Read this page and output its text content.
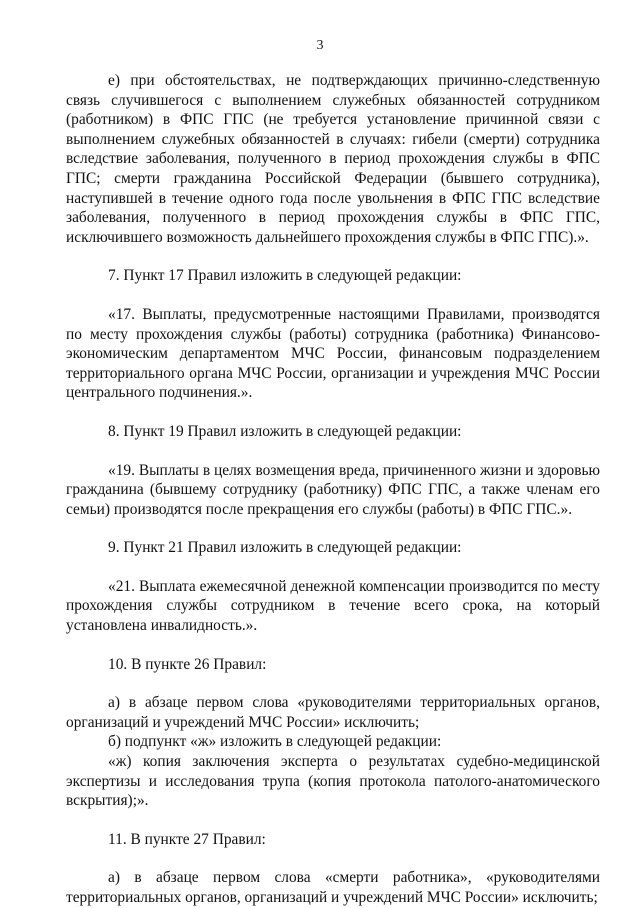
3

е) при обстоятельствах, не подтверждающих причинно-следственную связь случившегося с выполнением служебных обязанностей сотрудником (работником) в ФПС ГПС (не требуется установление причинной связи с выполнением служебных обязанностей в случаях: гибели (смерти) сотрудника вследствие заболевания, полученного в период прохождения службы в ФПС ГПС; смерти гражданина Российской Федерации (бывшего сотрудника), наступившей в течение одного года после увольнения в ФПС ГПС вследствие заболевания, полученного в период прохождения службы в ФПС ГПС, исключившего возможность дальнейшего прохождения службы в ФПС ГПС).».

7. Пункт 17 Правил изложить в следующей редакции:

«17. Выплаты, предусмотренные настоящими Правилами, производятся по месту прохождения службы (работы) сотрудника (работника) Финансово-экономическим департаментом МЧС России, финансовым подразделением территориального органа МЧС России, организации и учреждения МЧС России центрального подчинения.».

8. Пункт 19 Правил изложить в следующей редакции:

«19. Выплаты в целях возмещения вреда, причиненного жизни и здоровью гражданина (бывшему сотруднику (работнику) ФПС ГПС, а также членам его семьи) производятся после прекращения его службы (работы) в ФПС ГПС.».

9. Пункт 21 Правил изложить в следующей редакции:

«21. Выплата ежемесячной денежной компенсации производится по месту прохождения службы сотрудником в течение всего срока, на который установлена инвалидность.».

10. В пункте 26 Правил:

а) в абзаце первом слова «руководителями территориальных органов, организаций и учреждений МЧС России» исключить;

б) подпункт «ж» изложить в следующей редакции:

«ж) копия заключения эксперта о результатах судебно-медицинской экспертизы и исследования трупа (копия протокола патолого-анатомического вскрытия);».

11. В пункте 27 Правил:

а) в абзаце первом слова «смерти работника», «руководителями территориальных органов, организаций и учреждений МЧС России» исключить;
